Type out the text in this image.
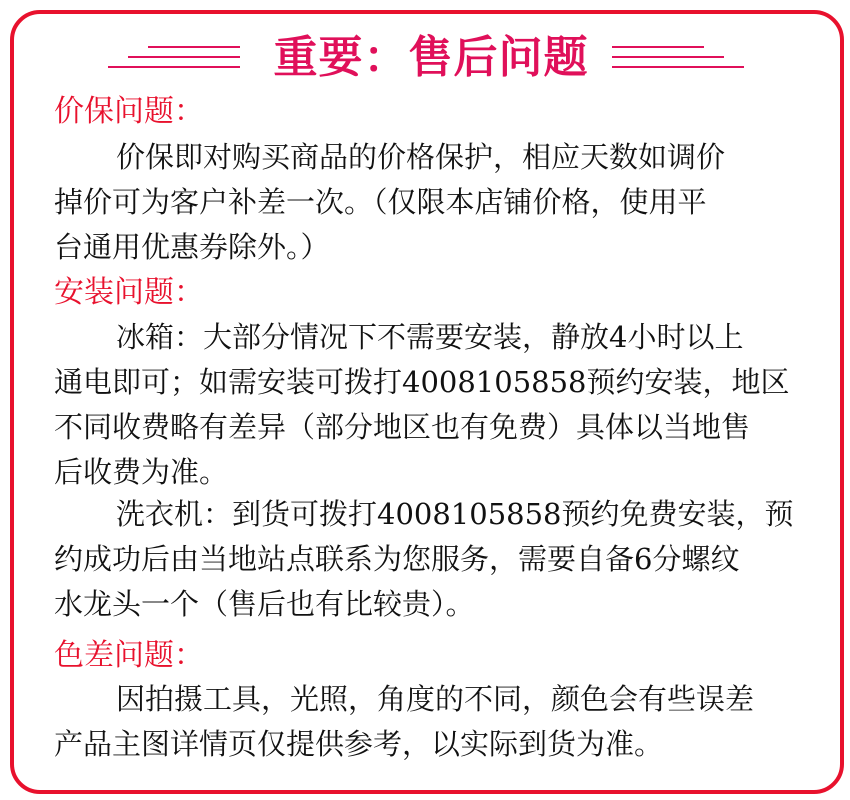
重要：售后问题
价保问题：
价保即对购买商品的价格保护，相应天数如调价
掉价可为客户补差一次。（仅限本店铺价格，使用平
台通用优惠券除外。）
安装问题：
冰箱：大部分情况下不需要安装，静放4小时以上
通电即可；如需安装可拨打4008105858预约安装，地区
不同收费略有差异（部分地区也有免费）具体以当地售
后收费为准。
洗衣机：到货可拨打4008105858预约免费安装，预
约成功后由当地站点联系为您服务，需要自备6分螺纹
水龙头一个（售后也有比较贵）。
色差问题：
因拍摄工具，光照，角度的不同，颜色会有些误差
产品主图详情页仅提供参考，以实际到货为准。
